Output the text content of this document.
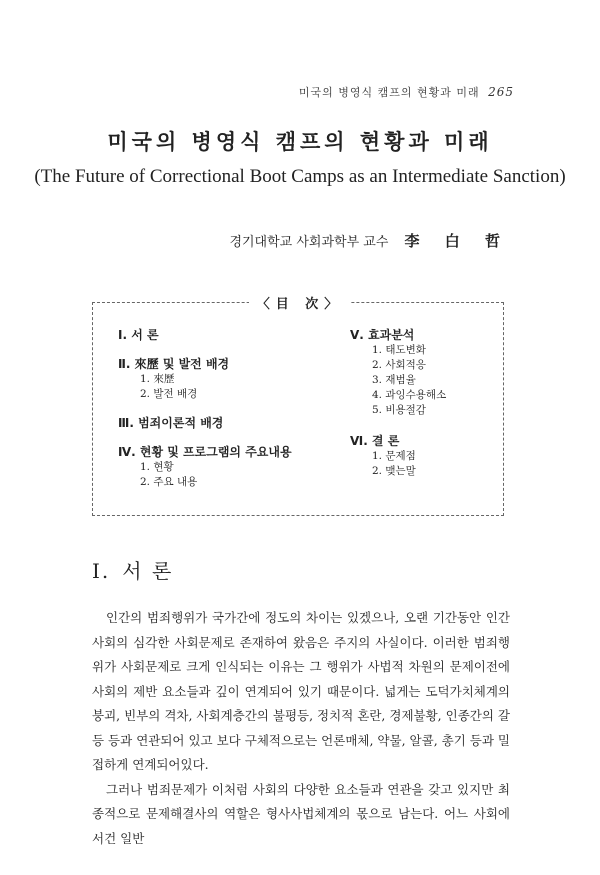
미국의 병영식 캠프의 현황과 미래 265
미국의 병영식 캠프의 현황과 미래
(The Future of Correctional Boot Camps as an Intermediate Sanction)
경기대학교 사회과학부 교수 李 白 哲
〈目 次〉
Ⅰ. 서 론
Ⅱ. 來歷 및 발전 배경
1. 來歷
2. 발전 배경
Ⅲ. 범죄이론적 배경
Ⅳ. 현황 및 프로그램의 주요내용
1. 현황
2. 주요 내용
Ⅴ. 효과분석
1. 태도변화
2. 사회적응
3. 재범율
4. 과잉수용해소
5. 비용절감
Ⅵ. 결 론
1. 문제점
2. 맺는말
Ⅰ. 서 론

인간의 범죄행위가 국가간에 정도의 차이는 있겠으나, 오랜 기간동안 인간사회의 심각한 사회문제로 존재하여 왔음은 주지의 사실이다. 이러한 범죄행위가 사회문제로 크게 인식되는 이유는 그 행위가 사법적 차원의 문제이전에 사회의 제반 요소들과 깊이 연계되어 있기 때문이다. 넓게는 도덕가치체계의 붕괴, 빈부의 격차, 사회계층간의 불평등, 정치적 혼란, 경제불황, 인종간의 갈등 등과 연관되어 있고 보다 구체적으로는 언론매체, 약물, 알콜, 총기 등과 밀접하게 연계되어있다.

그러나 범죄문제가 이처럼 사회의 다양한 요소들과 연관을 갖고 있지만 최종적으로 문제해결사의 역할은 형사사법체계의 몫으로 남는다. 어느 사회에서건 일반
